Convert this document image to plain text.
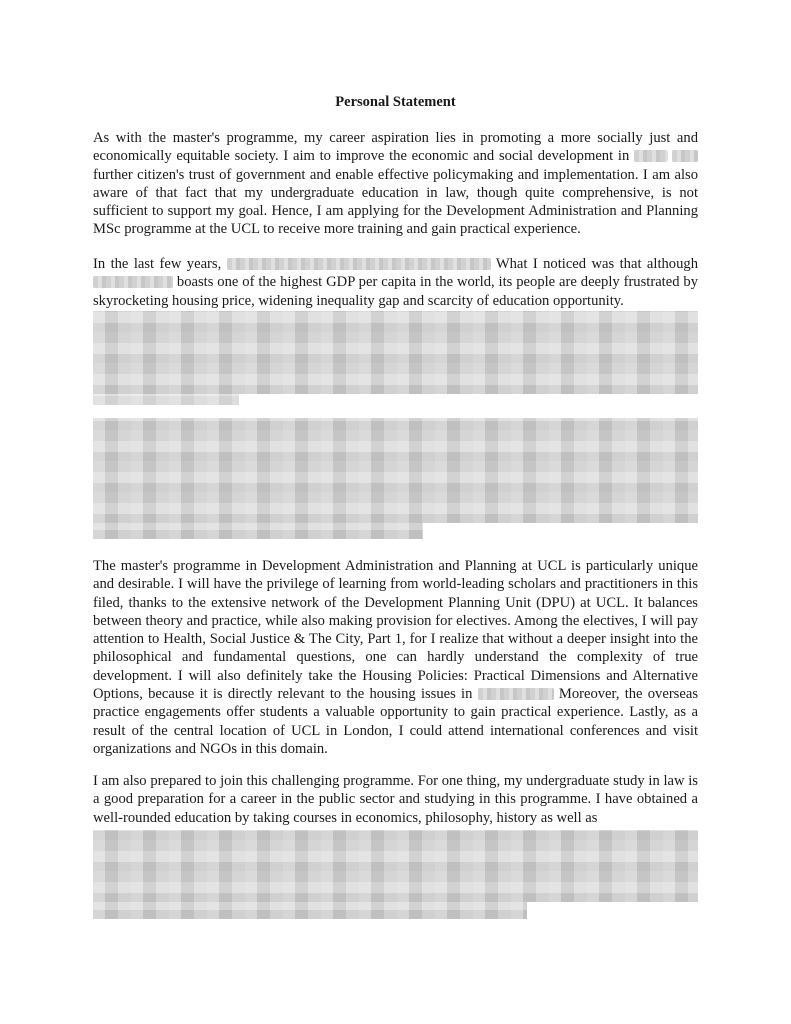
Personal Statement

As with the master's programme, my career aspiration lies in promoting a more socially just and economically equitable society. I aim to improve the economic and social development in  further citizen's trust of government and enable effective policymaking and implementation. I am also aware of that fact that my undergraduate education in law, though quite comprehensive, is not sufficient to support my goal. Hence, I am applying for the Development Administration and Planning MSc programme at the UCL to receive more training and gain practical experience.

In the last few years,	What I noticed was that although  boasts one of the highest GDP per capita in the world, its people are deeply frustrated by skyrocketing housing price, widening inequality gap and scarcity of education opportunity.

The master's programme in Development Administration and Planning at UCL is particularly unique and desirable. I will have the privilege of learning from world-leading scholars and practitioners in this filed, thanks to the extensive network of the Development Planning Unit (DPU) at UCL. It balances between theory and practice, while also making provision for electives. Among the electives, I will pay attention to Health, Social Justice & The City, Part 1, for I realize that without a deeper insight into the philosophical and fundamental questions, one can hardly understand the complexity of true development. I will also definitely take the Housing Policies: Practical Dimensions and Alternative Options, because it is directly relevant to the housing issues in	Moreover, the overseas practice engagements offer students a valuable opportunity to gain practical experience. Lastly, as a result of the central location of UCL in London, I could attend international conferences and visit organizations and NGOs in this domain.

I am also prepared to join this challenging programme. For one thing, my undergraduate study in law is a good preparation for a career in the public sector and studying in this programme. I have obtained a well-rounded education by taking courses in economics, philosophy, history as well as
